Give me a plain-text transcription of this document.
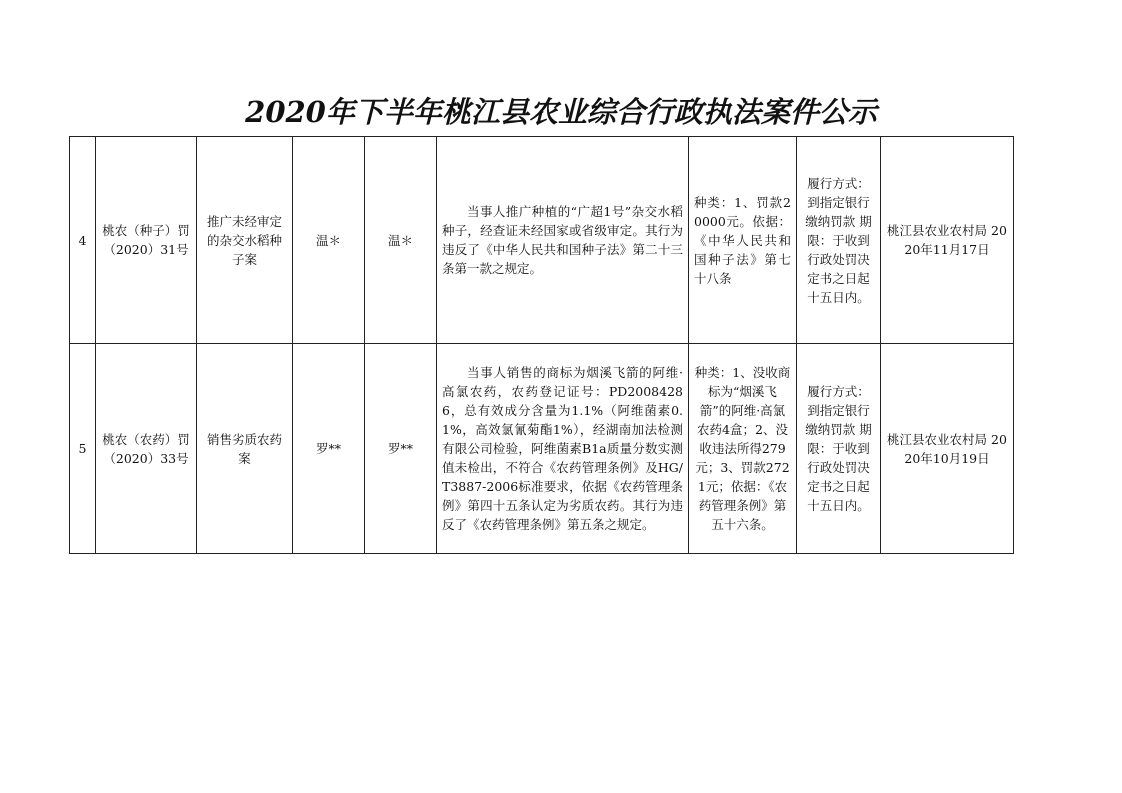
2020年下半年桃江县农业综合行政执法案件公示
4	桃农（种子）罚（2020）31号	推广未经审定的杂交水稻种子案	温＊	温＊	当事人推广种植的“广超1号”杂交水稻种子，经查证未经国家或省级审定。其行为违反了《中华人民共和国种子法》第二十三条第一款之规定。	种类：1、罚款20000元。依据：《中华人民共和国种子法》第七十八条	履行方式：到指定银行缴纳罚款 期限：于收到行政处罚决定书之日起十五日内。	桃江县农业农村局 2020年11月17日
5	桃农（农药）罚（2020）33号	销售劣质农药案	罗**	罗**	当事人销售的商标为烟溪飞箭的阿维·高氯农药，农药登记证号：PD20084286，总有效成分含量为1.1%（阿维菌素0.1%，高效氯氰菊酯1%），经湖南加法检测有限公司检验，阿维菌素B1a质量分数实测值未检出，不符合《农药管理条例》及HG/T3887-2006标准要求，依据《农药管理条例》第四十五条认定为劣质农药。其行为违反了《农药管理条例》第五条之规定。	种类：1、没收商标为“烟溪飞箭”的阿维·高氯农药4盒；2、没收违法所得279元；3、罚款2721元；依据：《农药管理条例》第五十六条。	履行方式：到指定银行缴纳罚款 期限：于收到行政处罚决定书之日起十五日内。	桃江县农业农村局 2020年10月19日
